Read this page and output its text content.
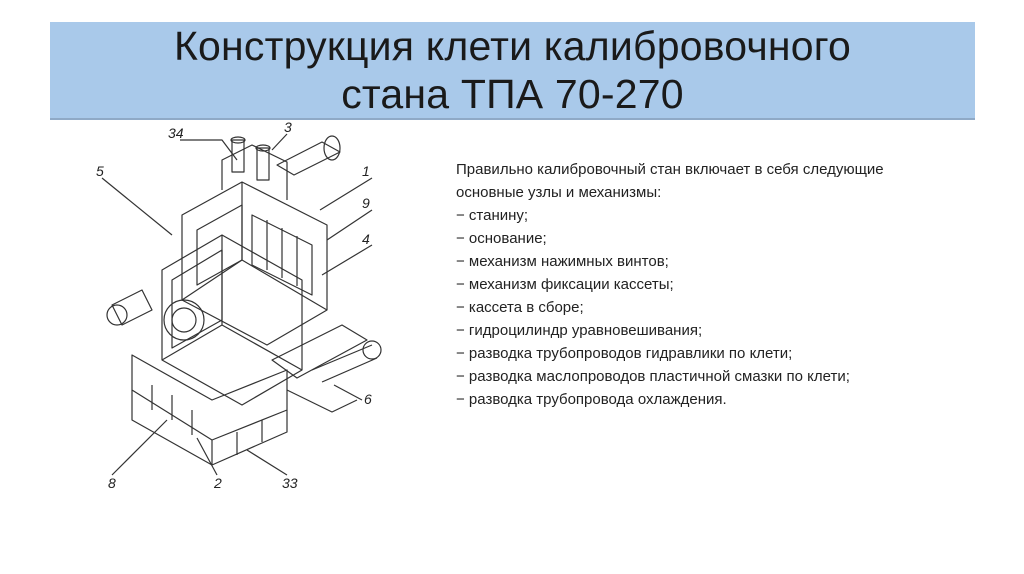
Конструкция клети калибровочного
стана ТПА 70-270
34	3
5	1
9
4
6
8	2	33

Правильно калибровочный стан включает в себя следующие основные узлы и механизмы:

− станину;
− основание;
− механизм нажимных винтов;
− механизм фиксации кассеты;
− кассета в сборе;
− гидроцилиндр уравновешивания;
− разводка трубопроводов гидравлики по клети;
− разводка маслопроводов пластичной смазки по клети;
− разводка трубопровода охлаждения.
